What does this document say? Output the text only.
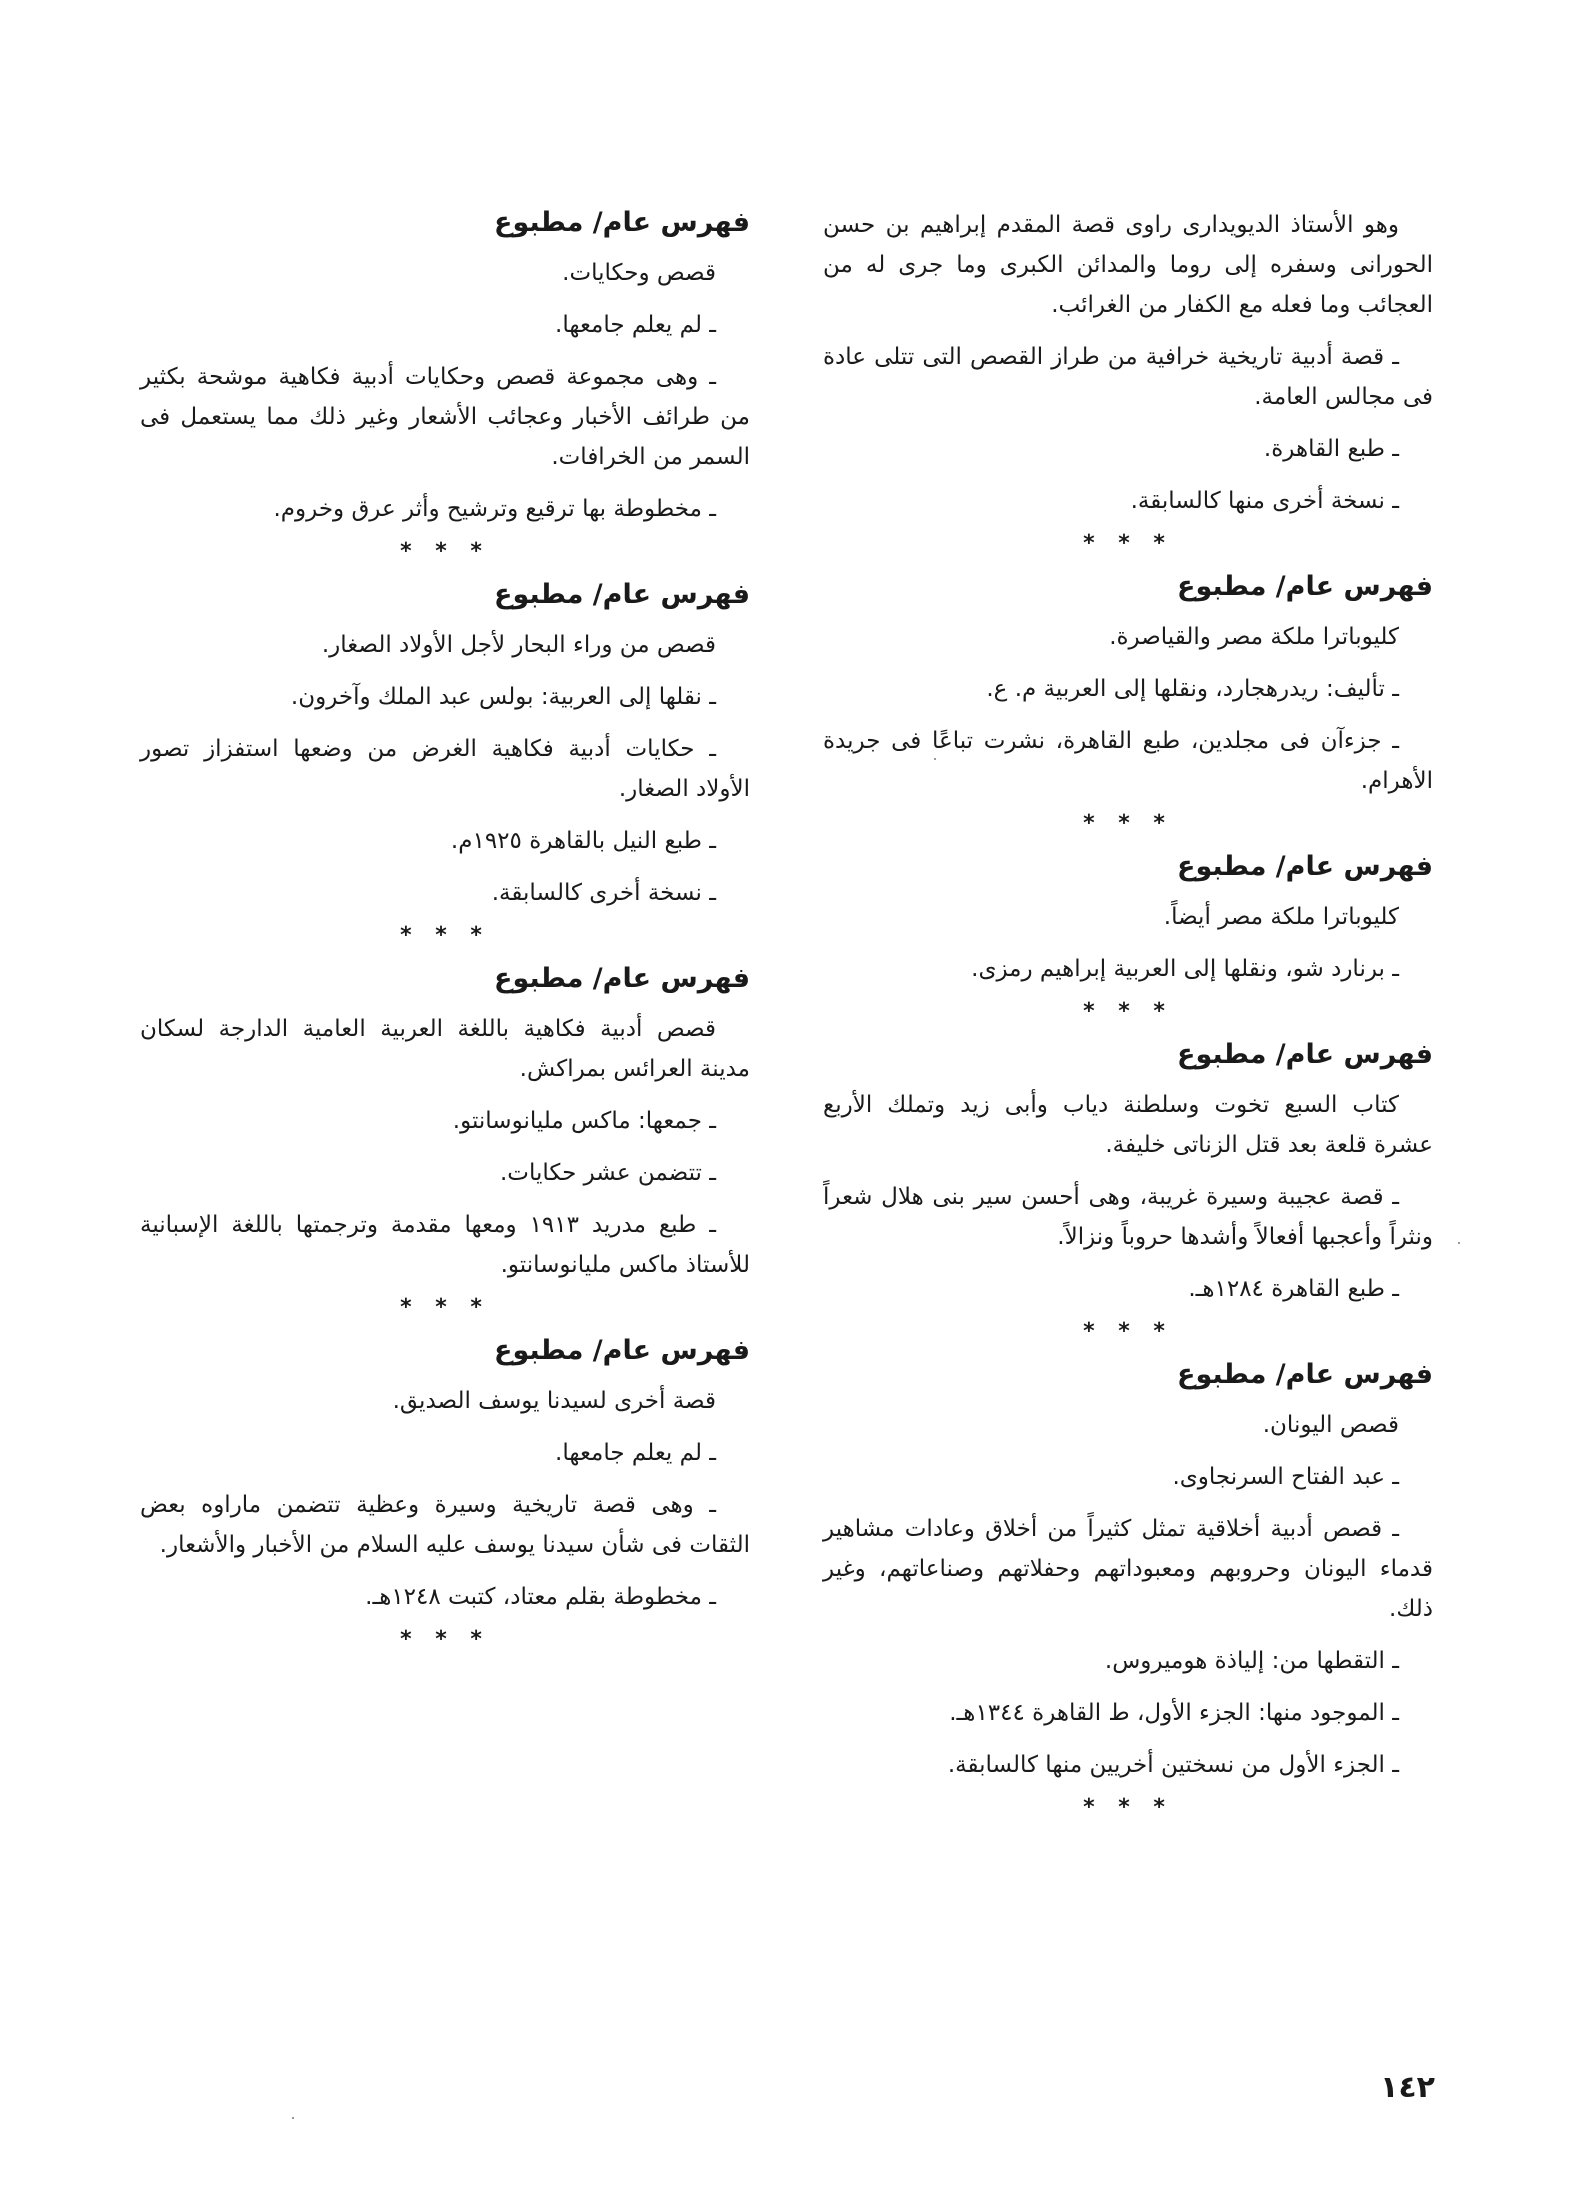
وهو الأستاذ الديويدارى راوى قصة المقدم إبراهيم بن حسن الحورانى وسفره إلى روما والمدائن الكبرى وما جرى له من العجائب وما فعله مع الكفار من الغرائب.

ـ قصة أدبية تاريخية خرافية من طراز القصص التى تتلى عادة فى مجالس العامة.

ـ طبع القاهرة.

ـ نسخة أخرى منها كالسابقة.

* * *
فهرس عام/ مطبوع

كليوباترا ملكة مصر والقياصرة.

ـ تأليف: ريدرهجارد، ونقلها إلى العربية م. ع.

ـ جزءآن فى مجلدين، طبع القاهرة، نشرت تباعًا فى جريدة الأهرام.

* * *
فهرس عام/ مطبوع

كليوباترا ملكة مصر أيضاً.

ـ برنارد شو، ونقلها إلى العربية إبراهيم رمزى.

* * *
فهرس عام/ مطبوع

كتاب السبع تخوت وسلطنة دياب وأبى زيد وتملك الأربع عشرة قلعة بعد قتل الزناتى خليفة.

ـ قصة عجيبة وسيرة غريبة، وهى أحسن سير بنى هلال شعراً ونثراً وأعجبها أفعالاً وأشدها حروباً ونزالاً.

ـ طبع القاهرة ١٢٨٤هـ.

* * *
فهرس عام/ مطبوع

قصص اليونان.

ـ عبد الفتاح السرنجاوى.

ـ قصص أدبية أخلاقية تمثل كثيراً من أخلاق وعادات مشاهير قدماء اليونان وحروبهم ومعبوداتهم وحفلاتهم وصناعاتهم، وغير ذلك.

ـ التقطها من: إلياذة هوميروس.

ـ الموجود منها: الجزء الأول، ط القاهرة ١٣٤٤هـ.

ـ الجزء الأول من نسختين أخريين منها كالسابقة.

* * *
فهرس عام/ مطبوع

قصص وحكايات.

ـ لم يعلم جامعها.

ـ وهى مجموعة قصص وحكايات أدبية فكاهية موشحة بكثير من طرائف الأخبار وعجائب الأشعار وغير ذلك مما يستعمل فى السمر من الخرافات.

ـ مخطوطة بها ترقيع وترشيح وأثر عرق وخروم.

* * *
فهرس عام/ مطبوع

قصص من وراء البحار لأجل الأولاد الصغار.

ـ نقلها إلى العربية: بولس عبد الملك وآخرون.

ـ حكايات أدبية فكاهية الغرض من وضعها استفزاز تصور الأولاد الصغار.

ـ طبع النيل بالقاهرة ١٩٢٥م.

ـ نسخة أخرى كالسابقة.

* * *
فهرس عام/ مطبوع

قصص أدبية فكاهية باللغة العربية العامية الدارجة لسكان مدينة العرائس بمراكش.

ـ جمعها: ماكس مليانوسانتو.

ـ تتضمن عشر حكايات.

ـ طبع مدريد ١٩١٣ ومعها مقدمة وترجمتها باللغة الإسبانية للأستاذ ماكس مليانوسانتو.

* * *
فهرس عام/ مطبوع

قصة أخرى لسيدنا يوسف الصديق.

ـ لم يعلم جامعها.

ـ وهى قصة تاريخية وسيرة وعظية تتضمن ماراوه بعض الثقات فى شأن سيدنا يوسف عليه السلام من الأخبار والأشعار.

ـ مخطوطة بقلم معتاد، كتبت ١٢٤٨هـ.

* * *
١٤٢
